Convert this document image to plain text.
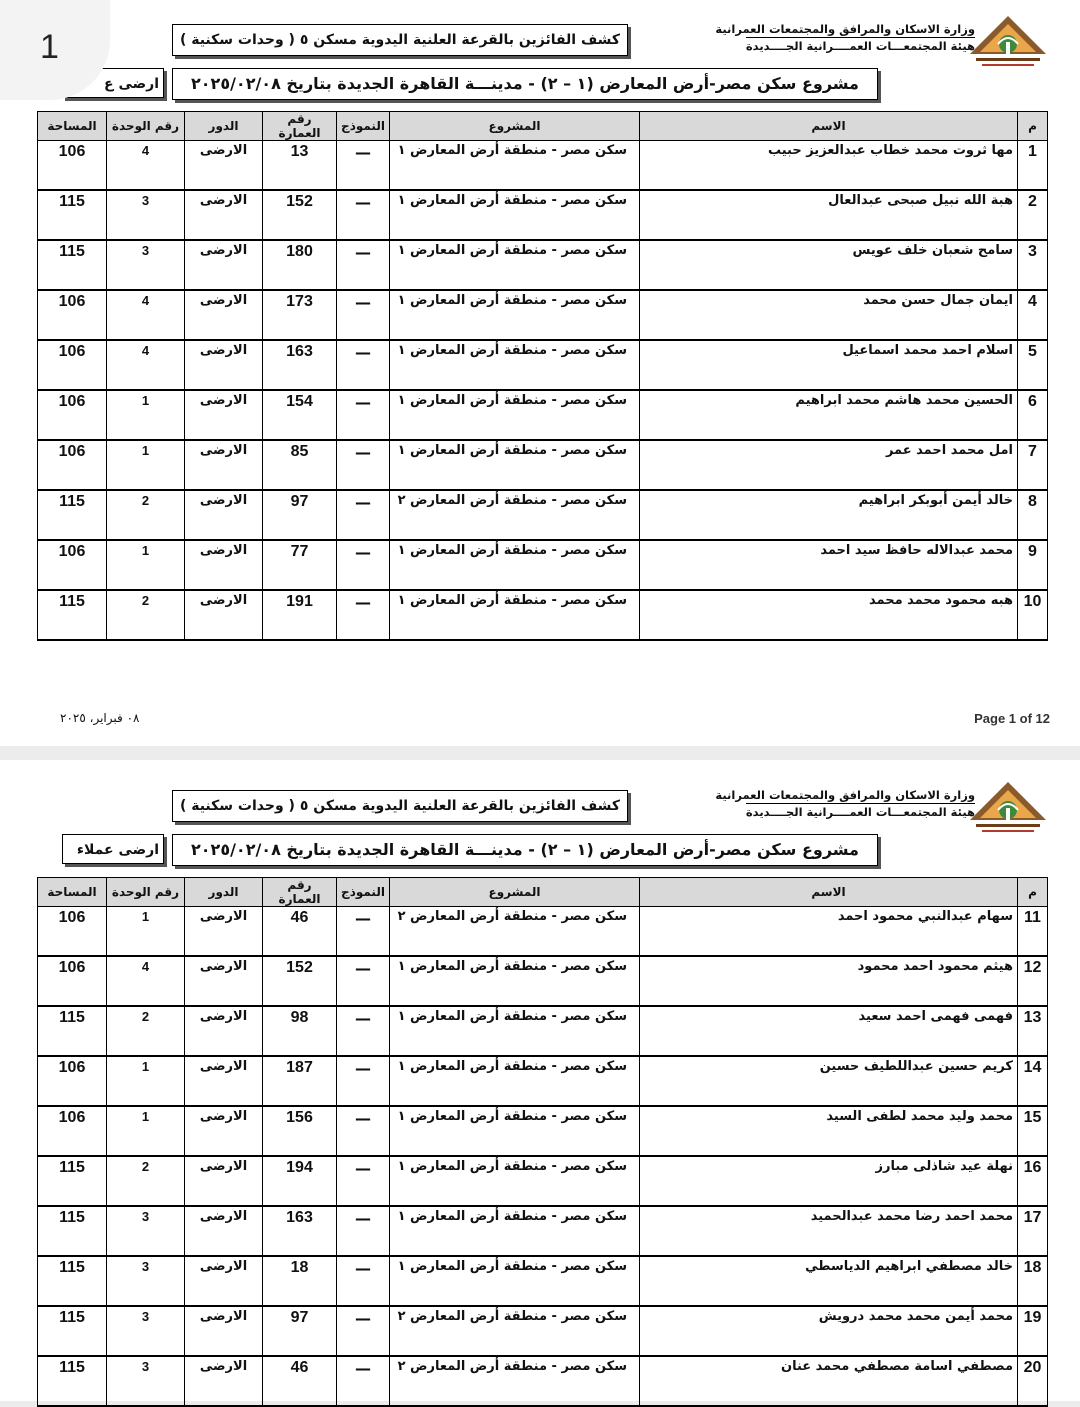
1	وزارة الاسكان والمرافق والمجتمعات العمرانية
هيئة المجتمعـــات العمــــرانية الجــــديدة
كشف الفائزين بالقرعة العلنية اليدوية مسكن ٥ ( وحدات سكنية )
مشروع سكن مصر-أرض المعارض (١ – ٢) - مدينـــة القاهرة الجديدة بتاريخ ٢٠٢٥/٠٢/٠٨
ارضى ع
م	الاسم	المشروع	النموذج	رقم العمارة	الدور	رقم الوحدة	المساحة
1	مها ثروت محمد خطاب عبدالعزيز حبيب	سكن مصر - منطقة أرض المعارض ١	—	13	الارضى	4	106
2	هبة الله نبيل صبحى عبدالعال	سكن مصر - منطقة أرض المعارض ١	—	152	الارضى	3	115
3	سامح شعبان خلف عويس	سكن مصر - منطقة أرض المعارض ١	—	180	الارضى	3	115
4	ايمان جمال حسن محمد	سكن مصر - منطقة أرض المعارض ١	—	173	الارضى	4	106
5	اسلام احمد محمد اسماعيل	سكن مصر - منطقة أرض المعارض ١	—	163	الارضى	4	106
6	الحسين محمد هاشم محمد ابراهيم	سكن مصر - منطقة أرض المعارض ١	—	154	الارضى	1	106
7	امل محمد احمد عمر	سكن مصر - منطقة أرض المعارض ١	—	85	الارضى	1	106
8	خالد أيمن أبوبكر ابراهيم	سكن مصر - منطقة أرض المعارض ٢	—	97	الارضى	2	115
9	محمد عبدالاله حافظ سيد احمد	سكن مصر - منطقة أرض المعارض ١	—	77	الارضى	1	106
10	هبه محمود محمد محمد	سكن مصر - منطقة أرض المعارض ١	—	191	الارضى	2	115
٠٨ فبراير، ٢٠٢٥	Page 1 of 12
وزارة الاسكان والمرافق والمجتمعات العمرانية
هيئة المجتمعـــات العمــــرانية الجــــديدة
كشف الفائزين بالقرعة العلنية اليدوية مسكن ٥ ( وحدات سكنية )
مشروع سكن مصر-أرض المعارض (١ – ٢) - مدينـــة القاهرة الجديدة بتاريخ ٢٠٢٥/٠٢/٠٨
ارضى عملاء
م	الاسم	المشروع	النموذج	رقم العمارة	الدور	رقم الوحدة	المساحة
11	سهام عبدالنبي محمود احمد	سكن مصر - منطقة أرض المعارض ٢	—	46	الارضى	1	106
12	هيثم محمود احمد محمود	سكن مصر - منطقة أرض المعارض ١	—	152	الارضى	4	106
13	فهمى فهمى احمد سعيد	سكن مصر - منطقة أرض المعارض ١	—	98	الارضى	2	115
14	كريم حسين عبداللطيف حسين	سكن مصر - منطقة أرض المعارض ١	—	187	الارضى	1	106
15	محمد وليد محمد لطفى السيد	سكن مصر - منطقة أرض المعارض ١	—	156	الارضى	1	106
16	نهلة عيد شاذلى مبارز	سكن مصر - منطقة أرض المعارض ١	—	194	الارضى	2	115
17	محمد احمد رضا محمد عبدالحميد	سكن مصر - منطقة أرض المعارض ١	—	163	الارضى	3	115
18	خالد مصطفي ابراهيم الدياسطي	سكن مصر - منطقة أرض المعارض ١	—	18	الارضى	3	115
19	محمد أيمن محمد محمد درويش	سكن مصر - منطقة أرض المعارض ٢	—	97	الارضى	3	115
20	مصطفي اسامة مصطفي محمد عنان	سكن مصر - منطقة أرض المعارض ٢	—	46	الارضى	3	115
